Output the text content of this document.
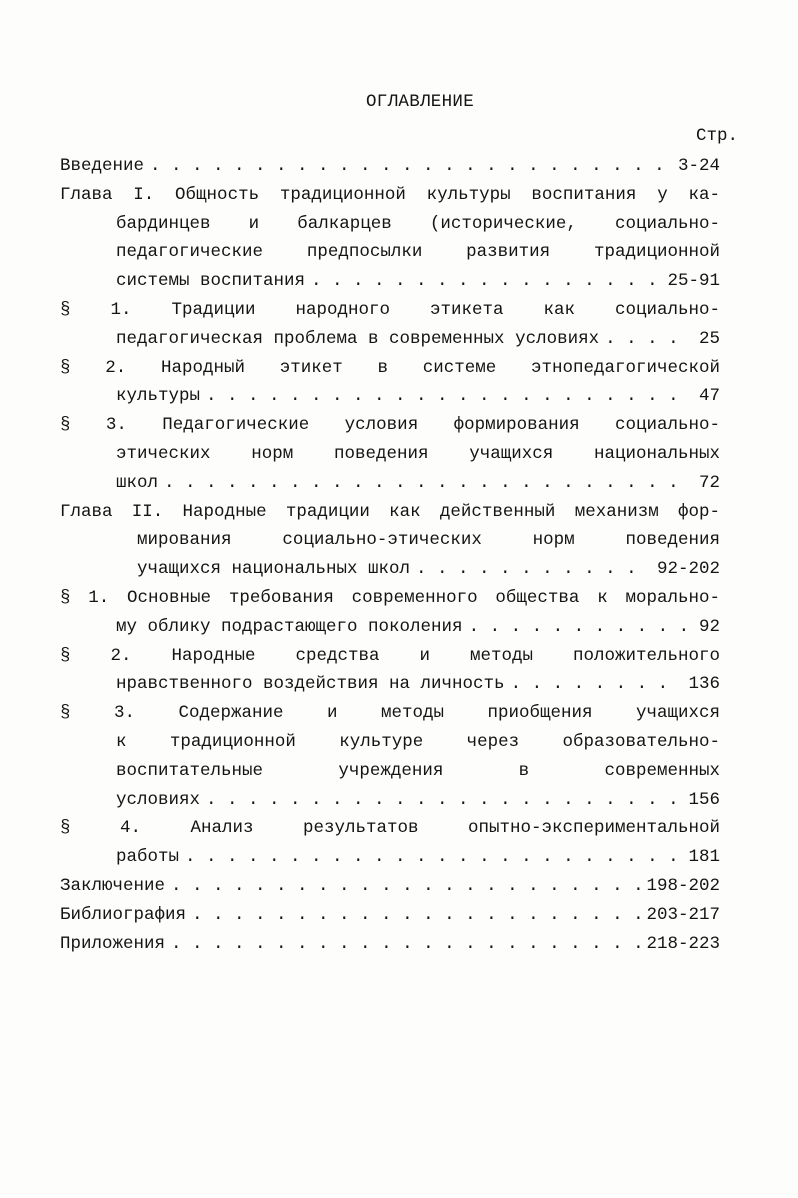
ОГЛАВЛЕНИЕ
Стр.
Введение . . .	3-24
Глава I. Общность традиционной культуры воспитания у ка-
бардинцев и балкарцев (исторические, социально-
педагогические предпосылки развития традиционной
системы воспитания . . .	25-91
§ 1. Традиции народного этикета как социально-
педагогическая проблема в современных условиях . . .	25
§ 2. Народный этикет в системе этнопедагогической
культуры . . .	47
§ 3. Педагогические условия формирования социально-
этических норм поведения учащихся национальных
школ . . .	72
Глава II. Народные традиции как действенный механизм фор-
мирования социально-этических норм поведения
учащихся национальных школ . . .	92-202
§ 1. Основные требования современного общества к морально-
му облику подрастающего поколения . . .	92
§ 2. Народные средства и методы положительного
нравственного воздействия на личность . . .	136
§ 3. Содержание и методы приобщения учащихся
к традиционной культуре через образовательно-
воспитательные учреждения в современных
условиях . . .	156
§ 4. Анализ результатов опытно-экспериментальной
работы . . .	181
Заключение . . .	198-202
Библиография . . .	203-217
Приложения . . .	218-223
